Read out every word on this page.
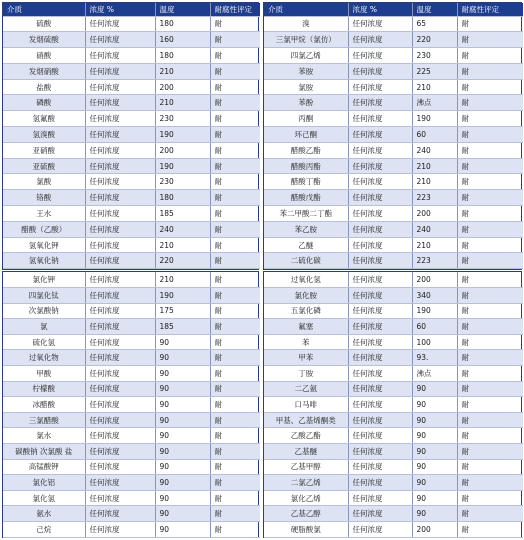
介质	浓度 %	温度	耐腐性评定
硫酸	任何浓度	180	耐
发烟硫酸	任何浓度	160	耐
硝酸	任何浓度	180	耐
发烟硝酸	任何浓度	210	耐
盐酸	任何浓度	200	耐
磷酸	任何浓度	210	耐
氢氟酸	任何浓度	230	耐
氢溴酸	任何浓度	190	耐
亚硝酸	任何浓度	200	耐
亚硫酸	任何浓度	190	耐
氯酸	任何浓度	230	耐
铬酸	任何浓度	180	耐
王水	任何浓度	185	耐
醋酸（乙酸）	任何浓度	240	耐
氢氧化钾	任何浓度	210	耐
氢氧化钠	任何浓度	220	耐
介质	浓度 %	温度	耐腐性评定
溴	任何浓度	65	耐
三氯甲烷（氯仿）	任何浓度	220	耐
四氯乙烯	任何浓度	230	耐
苯胺	任何浓度	225	耐
氯胺	任何浓度	210	耐
苯酚	任何浓度	沸点	耐
丙酮	任何浓度	190	耐
环己酮	任何浓度	60	耐
醋酸乙酯	任何浓度	240	耐
醋酸丙酯	任何浓度	210	耐
醋酸丁酯	任何浓度	210	耐
醋酸戊酯	任何浓度	223	耐
苯二甲酸二丁酯	任何浓度	200	耐
苯乙胺	任何浓度	240	耐
乙醚	任何浓度	210	耐
二硫化碳	任何浓度	223	耐
氯化钾	任何浓度	210	耐
四氯化钛	任何浓度	190	耐
次氯酸钠	任何浓度	175	耐
氯	任何浓度	185	耐
硫化氢	任何浓度	90	耐
过氧化物	任何浓度	90	耐
甲酸	任何浓度	90	耐
柠檬酸	任何浓度	90	耐
冰醋酸	任何浓度	90	耐
三氯醋酸	任何浓度	90	耐
氯水	任何浓度	90	耐
碳酸钠 次氯酸 盐	任何浓度	90	耐
高锰酸钾	任何浓度	90	耐
氯化铝	任何浓度	90	耐
氯化氢	任何浓度	90	耐
氨水	任何浓度	90	耐
己烷	任何浓度	90	耐
过氧化氢	任何浓度	200	耐
氯化胺	任何浓度	340	耐
五氯化磷	任何浓度	190	耐
氟塞	任何浓度	60	耐
苯	任何浓度	100	耐
甲苯	任何浓度	93.	耐
丁胺	任何浓度	沸点	耐
二乙氨	任何浓度	90	耐
口马啡	任何浓度	90	耐
甲基、乙基烯酮类	任何浓度	90	耐
乙酸乙酯	任何浓度	90	耐
乙基醚	任何浓度	90	耐
乙基甲醇	任何浓度	90	耐
二氯乙烯	任何浓度	90	耐
氯化乙烯	任何浓度	90	耐
乙基乙醇	任何浓度	90	耐
硬脂酸氯	任何浓度	200	耐
